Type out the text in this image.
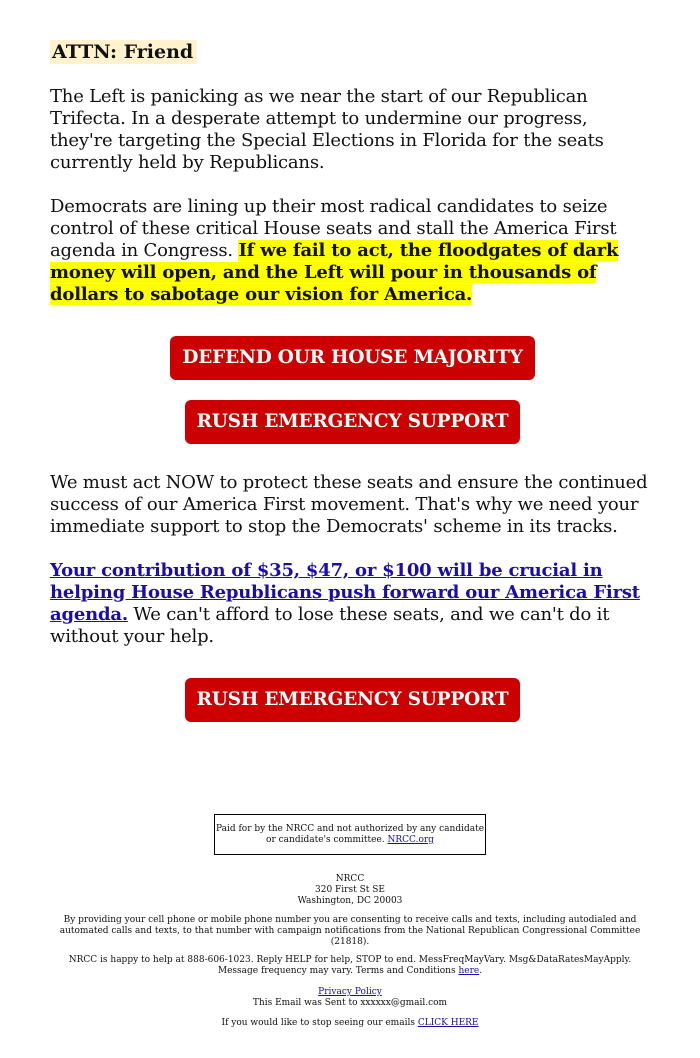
ATTN: Friend

The Left is panicking as we near the start of our Republican Trifecta. In a desperate attempt to undermine our progress, they're targeting the Special Elections in Florida for the seats currently held by Republicans.

Democrats are lining up their most radical candidates to seize control of these critical House seats and stall the America First agenda in Congress. If we fail to act, the floodgates of dark money will open, and the Left will pour in thousands of dollars to sabotage our vision for America.

DEFEND OUR HOUSE MAJORITY
RUSH EMERGENCY SUPPORT

We must act NOW to protect these seats and ensure the continued success of our America First movement. That's why we need your immediate support to stop the Democrats' scheme in its tracks.

Your contribution of $35, $47, or $100 will be crucial in helping House Republicans push forward our America First agenda. We can't afford to lose these seats, and we can't do it without your help.

RUSH EMERGENCY SUPPORT
Paid for by the NRCC and not authorized by any candidate or candidate's committee. NRCC.org
NRCC
320 First St SE
Washington, DC 20003
By providing your cell phone or mobile phone number you are consenting to receive calls and texts, including autodialed and automated calls and texts, to that number with campaign notifications from the National Republican Congressional Committee (21818).
NRCC is happy to help at 888-606-1023. Reply HELP for help, STOP to end. MessFreqMayVary. Msg&DataRatesMayApply. Message frequency may vary. Terms and Conditions here.
Privacy Policy
This Email was Sent to xxxxxx@gmail.com
If you would like to stop seeing our emails CLICK HERE
